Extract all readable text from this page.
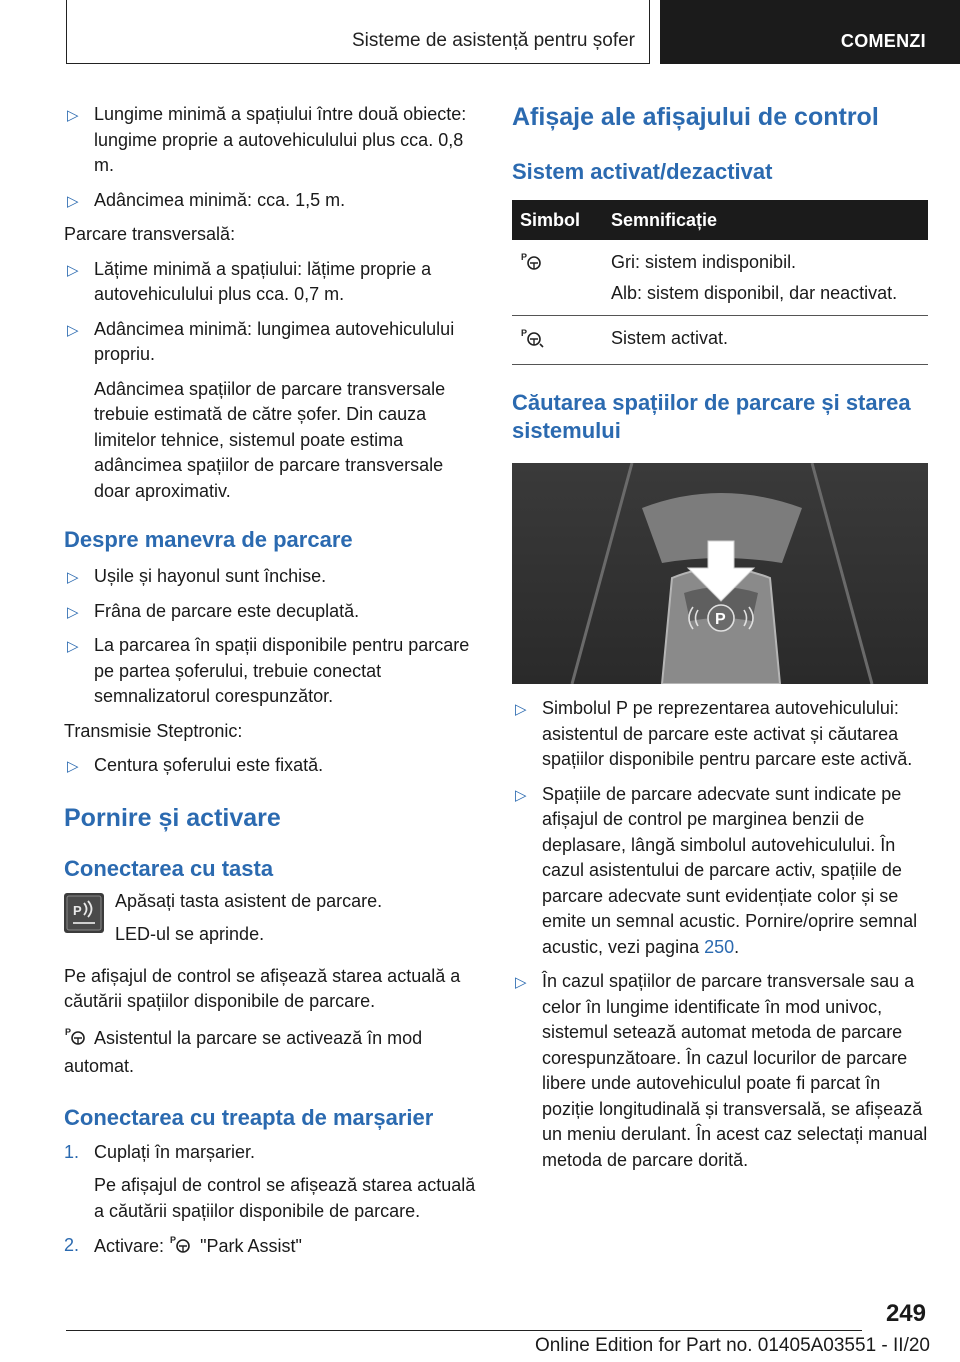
Sisteme de asistență pentru șofer	COMENZI
▷ Lungime minimă a spațiului între două obiecte: lungime proprie a autovehiculului plus cca. 0,8 m.
▷ Adâncimea minimă: cca. 1,5 m.

Parcare transversală:

▷ Lățime minimă a spațiului: lățime proprie a autovehiculului plus cca. 0,7 m.
▷ Adâncimea minimă: lungimea autovehiculului propriu.

Adâncimea spațiilor de parcare transversale trebuie estimată de către șofer. Din cauza limitelor tehnice, sistemul poate estima adâncimea spațiilor de parcare transversale doar aproximativ.

Despre manevra de parcare
▷ Ușile și hayonul sunt închise.
▷ Frâna de parcare este decuplată.
▷ La parcarea în spații disponibile pentru parcare pe partea șoferului, trebuie conectat semnalizatorul corespunzător.

Transmisie Steptronic:

▷ Centura șoferului este fixată.
Pornire și activare
Conectarea cu tasta
P Apăsați tasta asistent de parcare.

LED-ul se aprinde.

Pe afișajul de control se afișează starea actuală a căutării spațiilor disponibile de parcare.

P Asistentul la parcare se activează în mod automat.

Conectarea cu treapta de marșarier
1. Cuplați în marșarier.

Pe afișajul de control se afișează starea actuală a căutării spațiilor disponibile de parcare.

2. Activare: P "Park Assist"
Afișaje ale afișajului de control
Sistem activat/dezactivat
Simbol	Semnificație

P	Gri: sistem indisponibil.
Alb: sistem disponibil, dar neactivat.

P	Sistem activat.
Căutarea spațiilor de parcare și starea sistemului
P
▷ Simbolul P pe reprezentarea autovehiculului: asistentul de parcare este activat și căutarea spațiilor disponibile pentru parcare este activă.
▷ Spațiile de parcare adecvate sunt indicate pe afișajul de control pe marginea benzii de deplasare, lângă simbolul autovehiculului. În cazul asistentului de parcare activ, spațiile de parcare adecvate sunt evidențiate color și se emite un semnal acustic. Pornire/oprire semnal acustic, vezi pagina 250.
▷ În cazul spațiilor de parcare transversale sau a celor în lungime identificate în mod univoc, sistemul setează automat metoda de parcare corespunzătoare. În cazul locurilor de parcare libere unde autovehiculul poate fi parcat în poziție longitudinală și transversală, se afișează un meniu derulant. În acest caz selectați manual metoda de parcare dorită.
249
Online Edition for Part no. 01405A03551 - II/20
